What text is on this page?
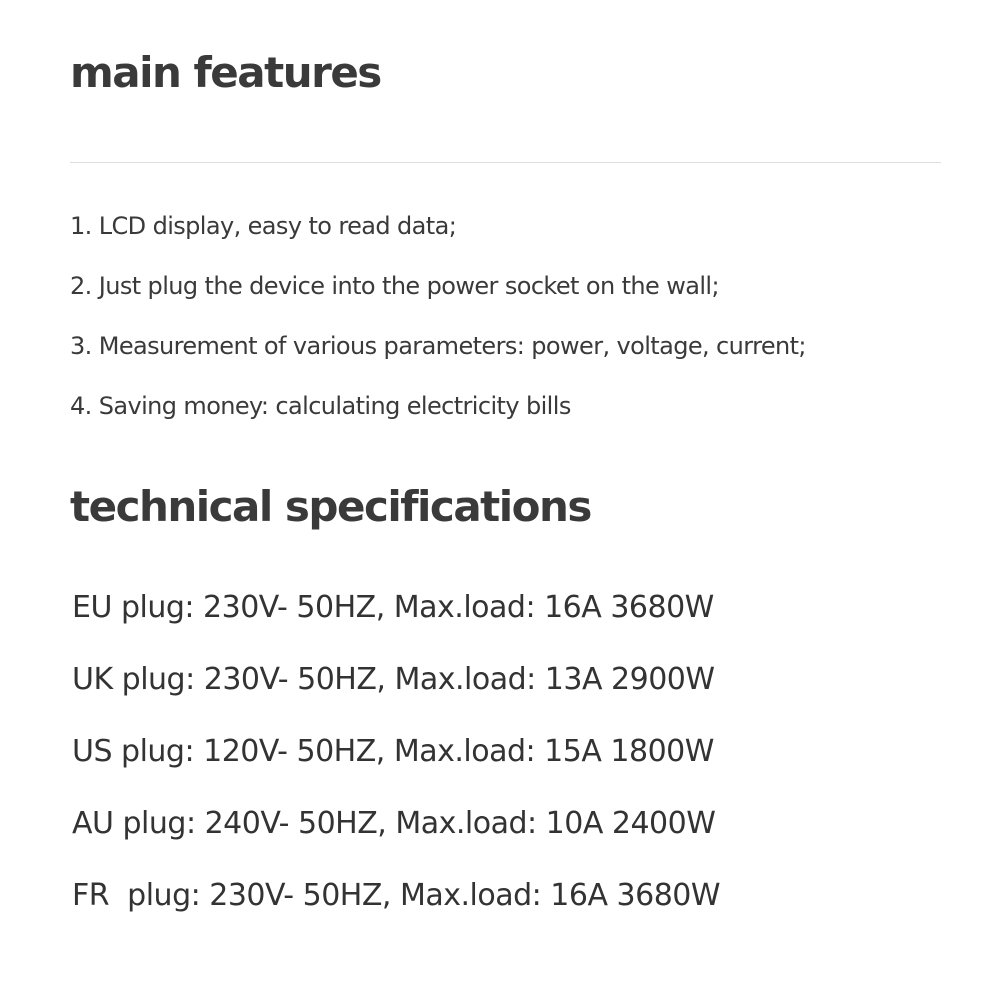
main features
1. LCD display, easy to read data;
2. Just plug the device into the power socket on the wall;
3. Measurement of various parameters: power, voltage, current;
4. Saving money: calculating electricity bills
technical specifications
EU plug: 230V- 50HZ, Max.load: 16A 3680W
UK plug: 230V- 50HZ, Max.load: 13A 2900W
US plug: 120V- 50HZ, Max.load: 15A 1800W
AU plug: 240V- 50HZ, Max.load: 10A 2400W
FR  plug: 230V- 50HZ, Max.load: 16A 3680W
